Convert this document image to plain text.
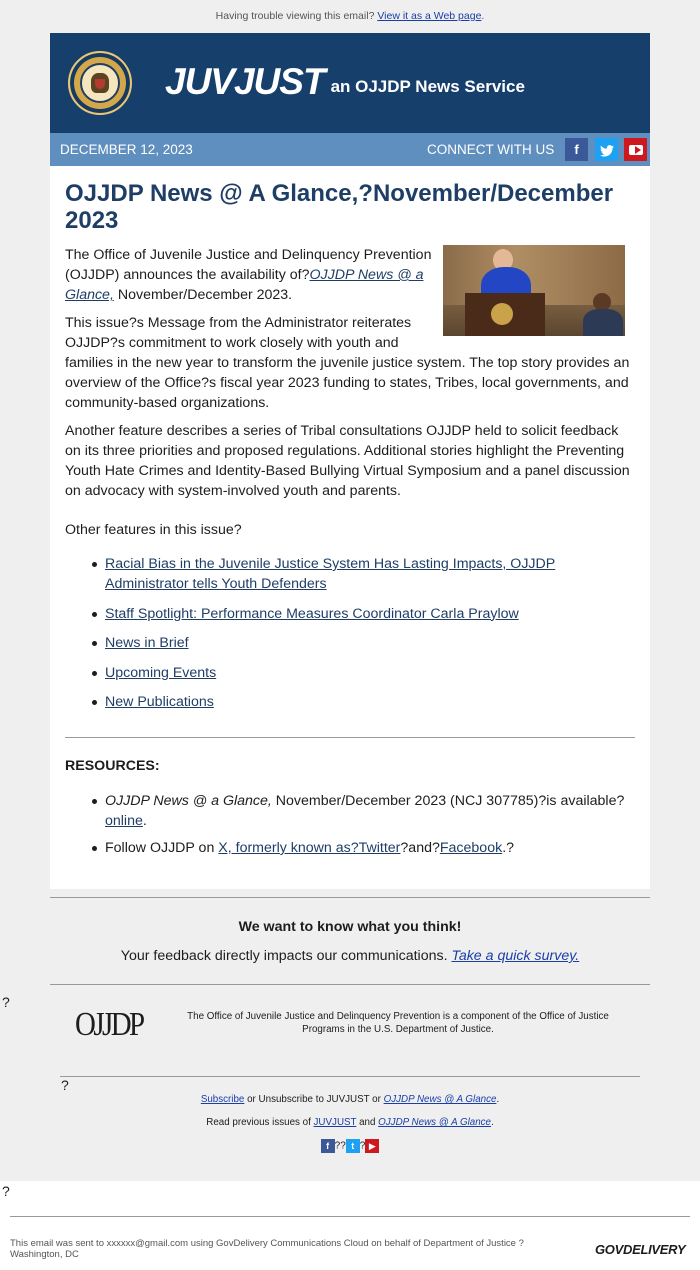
Having trouble viewing this email? View it as a Web page.
JUVJUST an OJJDP News Service
DECEMBER 12, 2023	CONNECT WITH US	f
OJJDP News @ A Glance,?November/December 2023
The Office of Juvenile Justice and Delinquency Prevention (OJJDP) announces the availability of?OJJDP News @ a Glance, November/December 2023.
This issue?s Message from the Administrator reiterates OJJDP?s commitment to work closely with youth and
families in the new year to transform the juvenile justice system. The top story provides an overview of the Office?s fiscal year 2023 funding to states, Tribes, local governments, and community-based organizations.
Another feature describes a series of Tribal consultations OJJDP held to solicit feedback on its three priorities and proposed regulations. Additional stories highlight the Preventing Youth Hate Crimes and Identity-Based Bullying Virtual Symposium and a panel discussion on advocacy with system-involved youth and parents.
Other features in this issue?
Racial Bias in the Juvenile Justice System Has Lasting Impacts, OJJDP Administrator tells Youth Defenders
Staff Spotlight: Performance Measures Coordinator Carla Praylow
News in Brief
Upcoming Events
New Publications
RESOURCES:
OJJDP News @ a Glance, November/December 2023 (NCJ 307785)?is available? online.
Follow OJJDP on X, formerly known as?Twitter?and?Facebook.?
We want to know what you think!
Your feedback directly impacts our communications. Take a quick survey.
?
OJJDP	The Office of Juvenile Justice and Delinquency Prevention is a component of the Office of Justice Programs in the U.S. Department of Justice.
?
Subscribe or Unsubscribe to JUVJUST or OJJDP News @ A Glance.
Read previous issues of JUVJUST and OJJDP News @ A Glance.
f ?? t ? ▶
?
This email was sent to xxxxxx@gmail.com using GovDelivery Communications Cloud on behalf of Department of Justice ? Washington, DC	GOVDELIVERY
